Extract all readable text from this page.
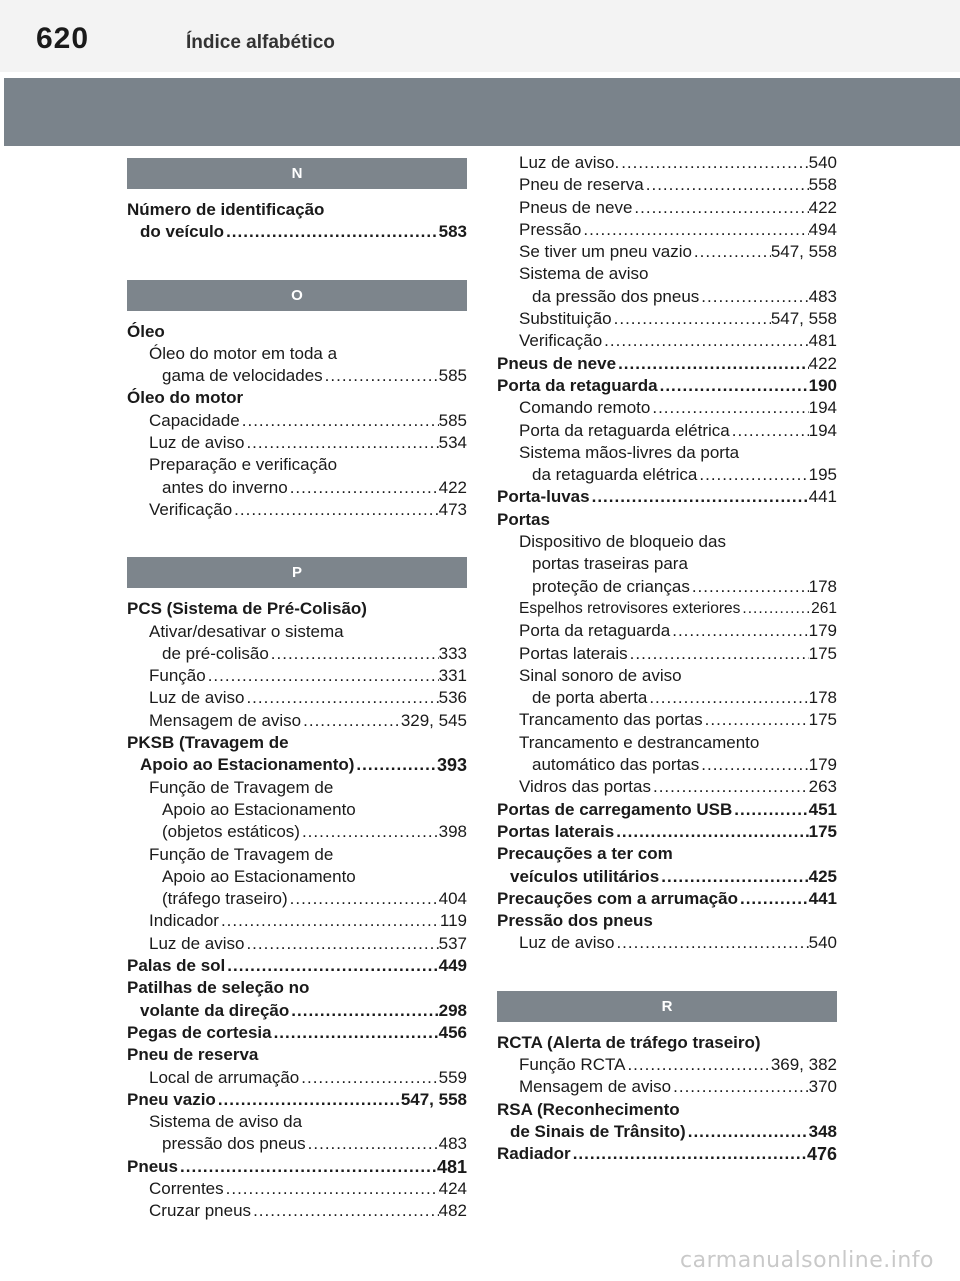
620	Índice alfabético
N
Número de identificação
do veículo .....	583
O
Óleo
Óleo do motor em toda a
gama de velocidades .....	585
Óleo do motor
Capacidade .....	585
Luz de aviso .....	534
Preparação e verificação
antes do inverno .....	422
Verificação .....	473
P
PCS (Sistema de Pré-Colisão)
Ativar/desativar o sistema
de pré-colisão .....	333
Função .....	331
Luz de aviso .....	536
Mensagem de aviso .....	329, 545
PKSB (Travagem de
Apoio ao Estacionamento) .....	393
Função de Travagem de
Apoio ao Estacionamento
(objetos estáticos) .....	398
Função de Travagem de
Apoio ao Estacionamento
(tráfego traseiro) .....	404
Indicador .....	119
Luz de aviso .....	537
Palas de sol .....	449
Patilhas de seleção no
volante da direção .....	298
Pegas de cortesia .....	456
Pneu de reserva
Local de arrumação .....	559
Pneu vazio .....	547, 558
Sistema de aviso da
pressão dos pneus .....	483
Pneus .....	481
Correntes .....	424
Cruzar pneus .....	482
Luz de aviso. .....	540
Pneu de reserva .....	558
Pneus de neve .....	422
Pressão .....	494
Se tiver um pneu vazio .....	547, 558
Sistema de aviso
da pressão dos pneus .....	483
Substituição .....	547, 558
Verificação .....	481
Pneus de neve .....	422
Porta da retaguarda .....	190
Comando remoto .....	194
Porta da retaguarda elétrica .....	194
Sistema mãos-livres da porta
da retaguarda elétrica .....	195
Porta-luvas .....	441
Portas
Dispositivo de bloqueio das
portas traseiras para
proteção de crianças .....	178
Espelhos retrovisores exteriores .....	261
Porta da retaguarda .....	179
Portas laterais .....	175
Sinal sonoro de aviso
de porta aberta .....	178
Trancamento das portas .....	175
Trancamento e destrancamento
automático das portas .....	179
Vidros das portas .....	263
Portas de carregamento USB .....	451
Portas laterais .....	175
Precauções a ter com
veículos utilitários .....	425
Precauções com a arrumação .....	441
Pressão dos pneus
Luz de aviso .....	540
R
RCTA (Alerta de tráfego traseiro)
Função RCTA .....	369, 382
Mensagem de aviso .....	370
RSA (Reconhecimento
de Sinais de Trânsito) .....	348
Radiador .....	476
carmanualsonline.info
